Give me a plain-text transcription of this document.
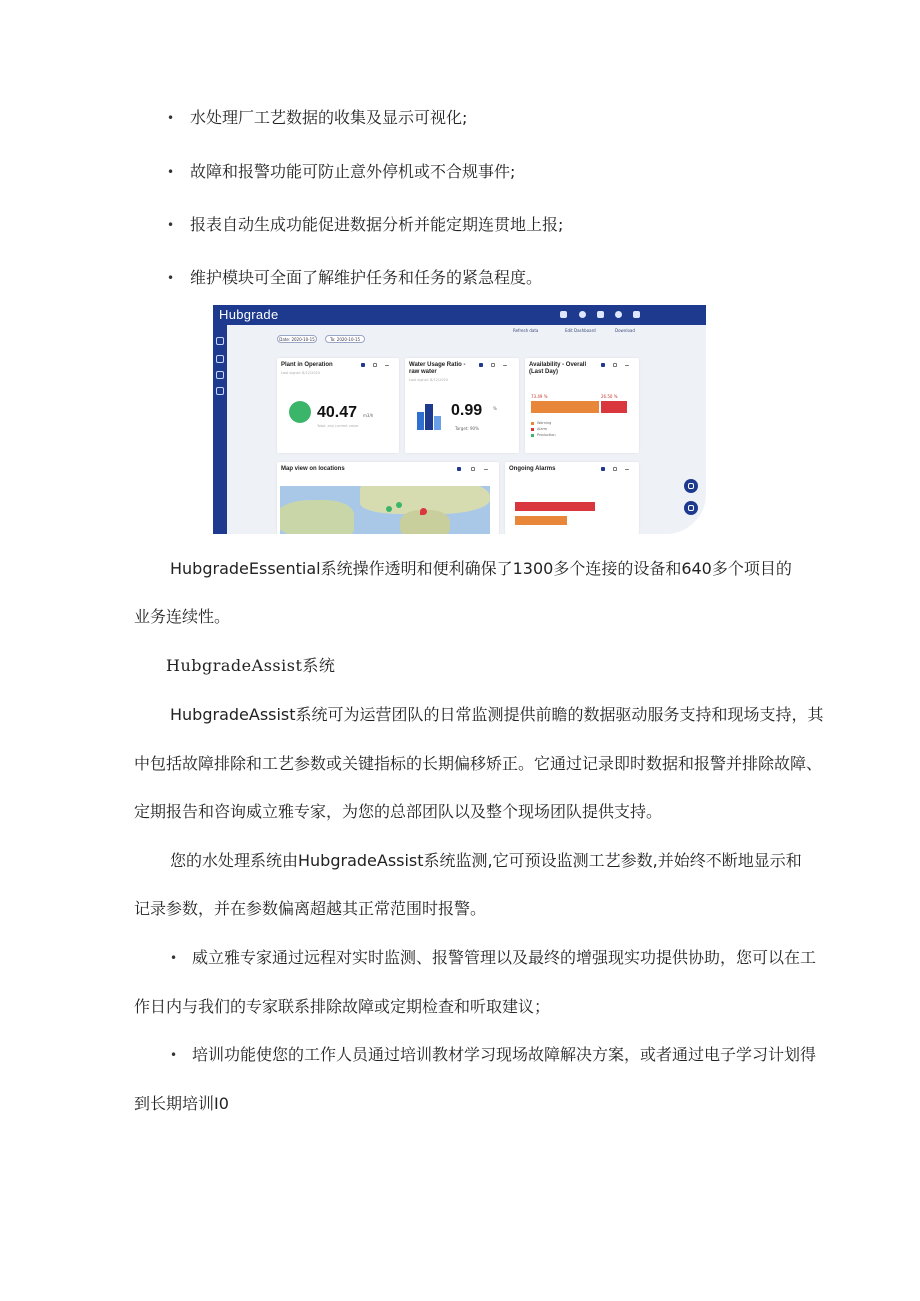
• 水处理厂工艺数据的收集及显示可视化;
• 故障和报警功能可防止意外停机或不合规事件;
• 报表自动生成功能促进数据分析并能定期连贯地上报;
• 维护模块可全面了解维护任务和任务的紧急程度。
Hubgrade
Refresh data	Edit Dashboard	Download
Date: 2020-10-15	To: 2020-10-15
Plant in Operation
Last signal: 8/12/2020
40.47 m3/h
Total: any current value
Water Usage Ratio - raw water
Last signal: 8/12/2020
0.99	%
Target: 90%
Availability - Overall (Last Day)
73.49 %	26.50 %
Warning
Alarm
Production
Map view on locations	Ongoing Alarms
HubgradeEssential系统操作透明和便利确保了1300多个连接的设备和640多个项目的
业务连续性。
HubgradeAssist系统
HubgradeAssist系统可为运营团队的日常监测提供前瞻的数据驱动服务支持和现场支持，其
中包括故障排除和工艺参数或关键指标的长期偏移矫正。它通过记录即时数据和报警并排除故障、
定期报告和咨询威立雅专家，为您的总部团队以及整个现场团队提供支持。
您的水处理系统由HubgradeAssist系统监测,它可预设监测工艺参数,并始终不断地显示和
记录参数，并在参数偏离超越其正常范围时报警。
• 威立雅专家通过远程对实时监测、报警管理以及最终的增强现实功提供协助，您可以在工
作日内与我们的专家联系排除故障或定期检查和听取建议；
• 培训功能使您的工作人员通过培训教材学习现场故障解决方案，或者通过电子学习计划得
到长期培训I0
